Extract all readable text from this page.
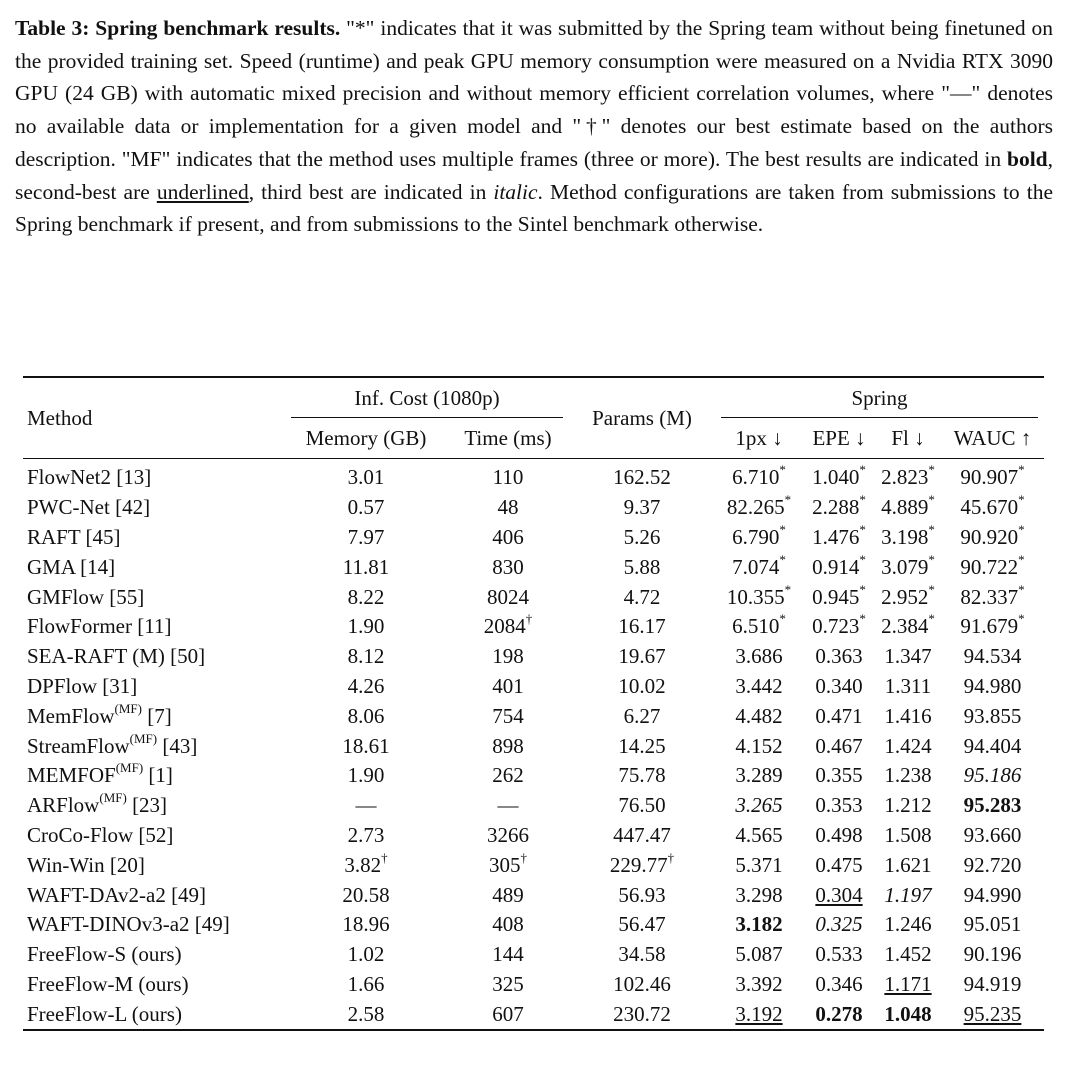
Table 3: Spring benchmark results. "*" indicates that it was submitted by the Spring team without being finetuned on the provided training set. Speed (runtime) and peak GPU memory consumption were measured on a Nvidia RTX 3090 GPU (24 GB) with automatic mixed precision and without memory efficient correlation volumes, where "—" denotes no available data or implementation for a given model and "†" denotes our best estimate based on the authors description. "MF" indicates that the method uses multiple frames (three or more). The best results are indicated in bold, second-best are underlined, third best are indicated in italic. Method configurations are taken from submissions to the Spring benchmark if present, and from submissions to the Sintel benchmark otherwise.
Method	Inf. Cost (1080p)		Params (M)	Spring			

	Memory (GB)	Time (ms)		1px ↓	EPE ↓	Fl ↓	WAUC ↑

FlowNet2 [13]	3.01	110	162.52	6.710*	1.040*	2.823*	90.907*
PWC-Net [42]	0.57	48	9.37	82.265*	2.288*	4.889*	45.670*
RAFT [45]	7.97	406	5.26	6.790*	1.476*	3.198*	90.920*
GMA [14]	11.81	830	5.88	7.074*	0.914*	3.079*	90.722*
GMFlow [55]	8.22	8024	4.72	10.355*	0.945*	2.952*	82.337*
FlowFormer [11]	1.90	2084†	16.17	6.510*	0.723*	2.384*	91.679*
SEA-RAFT (M) [50]	8.12	198	19.67	3.686	0.363	1.347	94.534
DPFlow [31]	4.26	401	10.02	3.442	0.340	1.311	94.980
MemFlow$^{(MF)}$ [7]	8.06	754	6.27	4.482	0.471	1.416	93.855
StreamFlow$^{(MF)}$ [43]	18.61	898	14.25	4.152	0.467	1.424	94.404
$MEMFOF^{(MF)}$ [1]	1.90	262	75.78	3.289	0.355	1.238	95.186
ARFlow$^{(MF)}$ [23]	—	—	76.50	3.265	0.353	1.212	95.283
CroCo-Flow [52]	2.73	3266	447.47	4.565	0.498	1.508	93.660
Win-Win [20]	3.82†	305†	229.77†	5.371	0.475	1.621	92.720
WAFT-DAv2-a2 [49]	20.58	489	56.93	3.298	0.304	1.197	94.990
WAFT-DINOv3-a2 [49]	18.96	408	56.47	3.182	0.325	1.246	95.051
FreeFlow-S (ours)	1.02	144	34.58	5.087	0.533	1.452	90.196
FreeFlow-M (ours)	1.66	325	102.46	3.392	0.346	1.171	94.919
FreeFlow-L (ours)	2.58	607	230.72	3.192	0.278	1.048	95.235
